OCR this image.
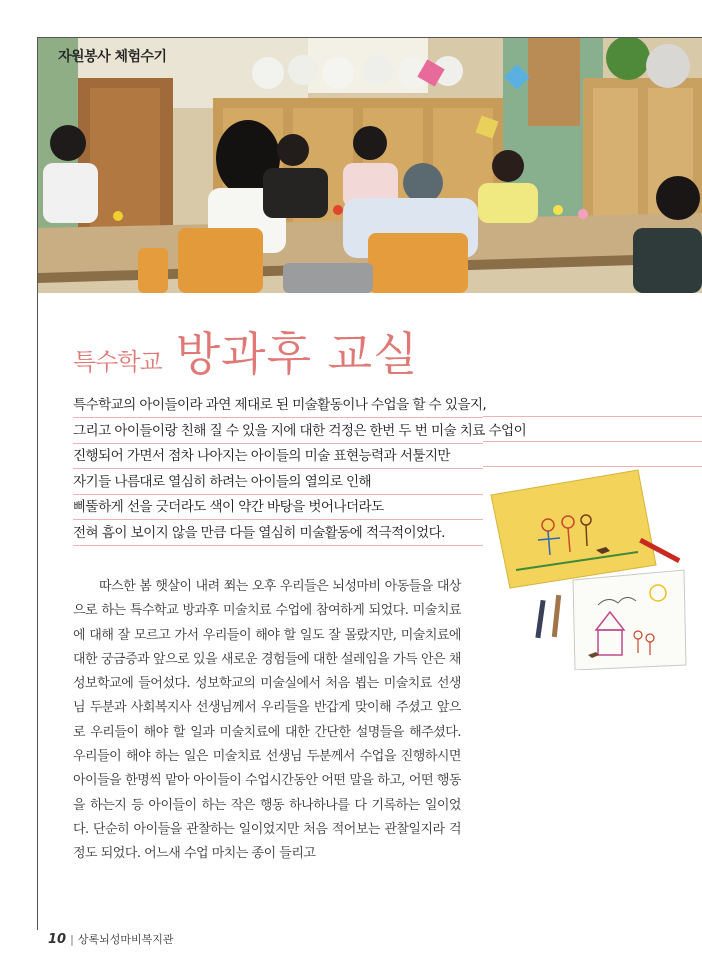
자원봉사 체험수기
특수학교 방과후 교실
특수학교의 아이들이라 과연 제대로 된 미술활동이나 수업을 할 수 있을지,
그리고 아이들이랑 친해 질 수 있을 지에 대한 걱정은 한번 두 번 미술 치료 수업이
진행되어 가면서 점차 나아지는 아이들의 미술 표현능력과 서툴지만
자기들 나름대로 열심히 하려는 아이들의 열의로 인해
삐뚤하게 선을 긋더라도 색이 약간 바탕을 벗어나더라도
전혀 흠이 보이지 않을 만큼 다들 열심히 미술활동에 적극적이었다.

따스한 봄 햇살이 내려 쬐는 오후 우리들은 뇌성마비 아동들을 대상으로 하는 특수학교 방과후 미술치료 수업에 참여하게 되었다. 미술치료에 대해 잘 모르고 가서 우리들이 해야 할 일도 잘 몰랐지만, 미술치료에 대한 궁금증과 앞으로 있을 새로운 경험들에 대한 설레임을 가득 안은 채 성보학교에 들어섰다. 성보학교의 미술실에서 처음 뵙는 미술치료 선생님 두분과 사회복지사 선생님께서 우리들을 반갑게 맞이해 주셨고 앞으로 우리들이 해야 할 일과 미술치료에 대한 간단한 설명들을 해주셨다. 우리들이 해야 하는 일은 미술치료 선생님 두분께서 수업을 진행하시면 아이들을 한명씩 맡아 아이들이 수업시간동안 어떤 말을 하고, 어떤 행동을 하는지 등 아이들이 하는 작은 행동 하나하나를 다 기록하는 일이었다. 단순히 아이들을 관찰하는 일이었지만 처음 적어보는 관찰일지라 걱정도 되었다. 어느새 수업 마치는 종이 들리고

10 | 상록뇌성마비복지관
